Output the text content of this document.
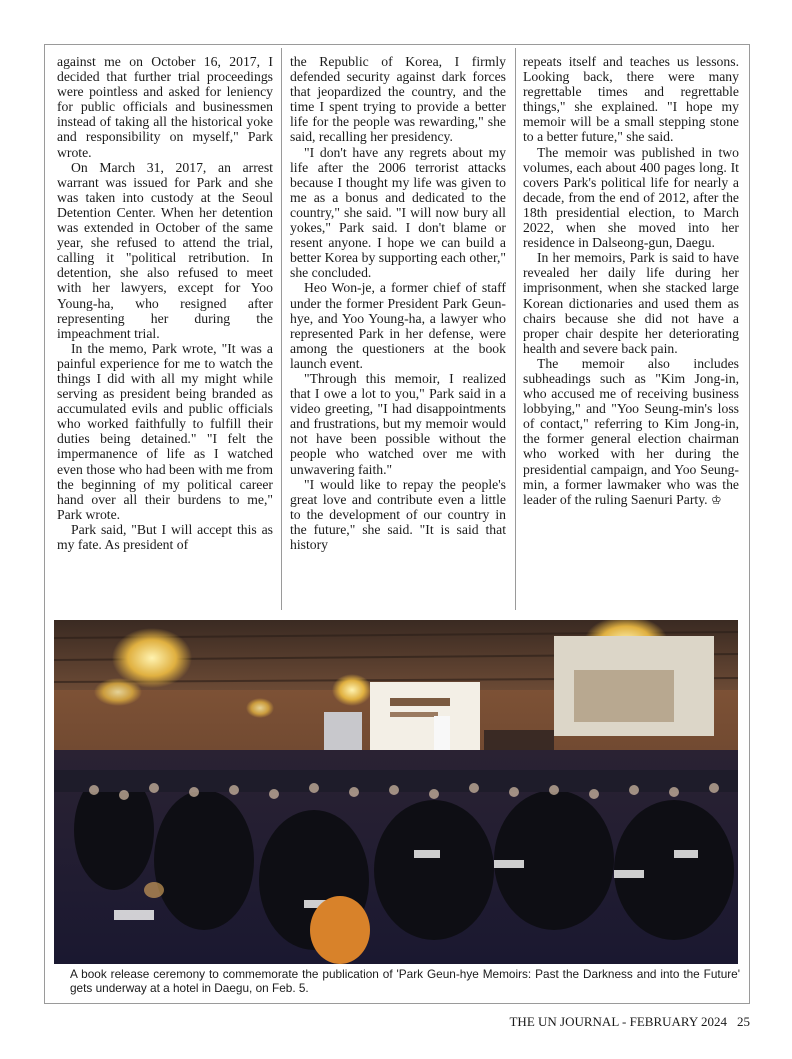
against me on October 16, 2017, I decided that further trial proceedings were pointless and asked for leniency for public officials and businessmen instead of taking all the historical yoke and responsibility on myself," Park wrote.

On March 31, 2017, an arrest warrant was issued for Park and she was taken into custody at the Seoul Detention Center. When her detention was extended in October of the same year, she refused to attend the trial, calling it "political retribution. In detention, she also refused to meet with her lawyers, except for Yoo Young-ha, who resigned after representing her during the impeachment trial.

In the memo, Park wrote, "It was a painful experience for me to watch the things I did with all my might while serving as president being branded as accumulated evils and public officials who worked faithfully to fulfill their duties being detained." "I felt the impermanence of life as I watched even those who had been with me from the beginning of my political career hand over all their burdens to me," Park wrote.

Park said, "But I will accept this as my fate. As president of

the Republic of Korea, I firmly defended security against dark forces that jeopardized the country, and the time I spent trying to provide a better life for the people was rewarding," she said, recalling her presidency.

"I don't have any regrets about my life after the 2006 terrorist attacks because I thought my life was given to me as a bonus and dedicated to the country," she said. "I will now bury all yokes," Park said. I don't blame or resent anyone. I hope we can build a better Korea by supporting each other," she concluded.

Heo Won-je, a former chief of staff under the former President Park Geun-hye, and Yoo Young-ha, a lawyer who represented Park in her defense, were among the questioners at the book launch event.

"Through this memoir, I realized that I owe a lot to you," Park said in a video greeting, "I had disappointments and frustrations, but my memoir would not have been possible without the people who watched over me with unwavering faith."

"I would like to repay the people's great love and contribute even a little to the development of our country in the future," she said. "It is said that history

repeats itself and teaches us lessons. Looking back, there were many regrettable times and regrettable things," she explained. "I hope my memoir will be a small stepping stone to a better future," she said.

The memoir was published in two volumes, each about 400 pages long. It covers Park's political life for nearly a decade, from the end of 2012, after the 18th presidential election, to March 2022, when she moved into her residence in Dalseong-gun, Daegu.

In her memoirs, Park is said to have revealed her daily life during her imprisonment, when she stacked large Korean dictionaries and used them as chairs because she did not have a proper chair despite her deteriorating health and severe back pain.

The memoir also includes subheadings such as "Kim Jong-in, who accused me of receiving business lobbying," and "Yoo Seung-min's loss of contact," referring to Kim Jong-in, the former general election chairman who worked with her during the presidential campaign, and Yoo Seung-min, a former lawmaker who was the leader of the ruling Saenuri Party. ♔

A book release ceremony to commemorate the publication of 'Park Geun-hye Memoirs: Past the Darkness and into the Future' gets underway at a hotel in Daegu, on Feb. 5.
THE UN JOURNAL - FEBRUARY 2024 25
